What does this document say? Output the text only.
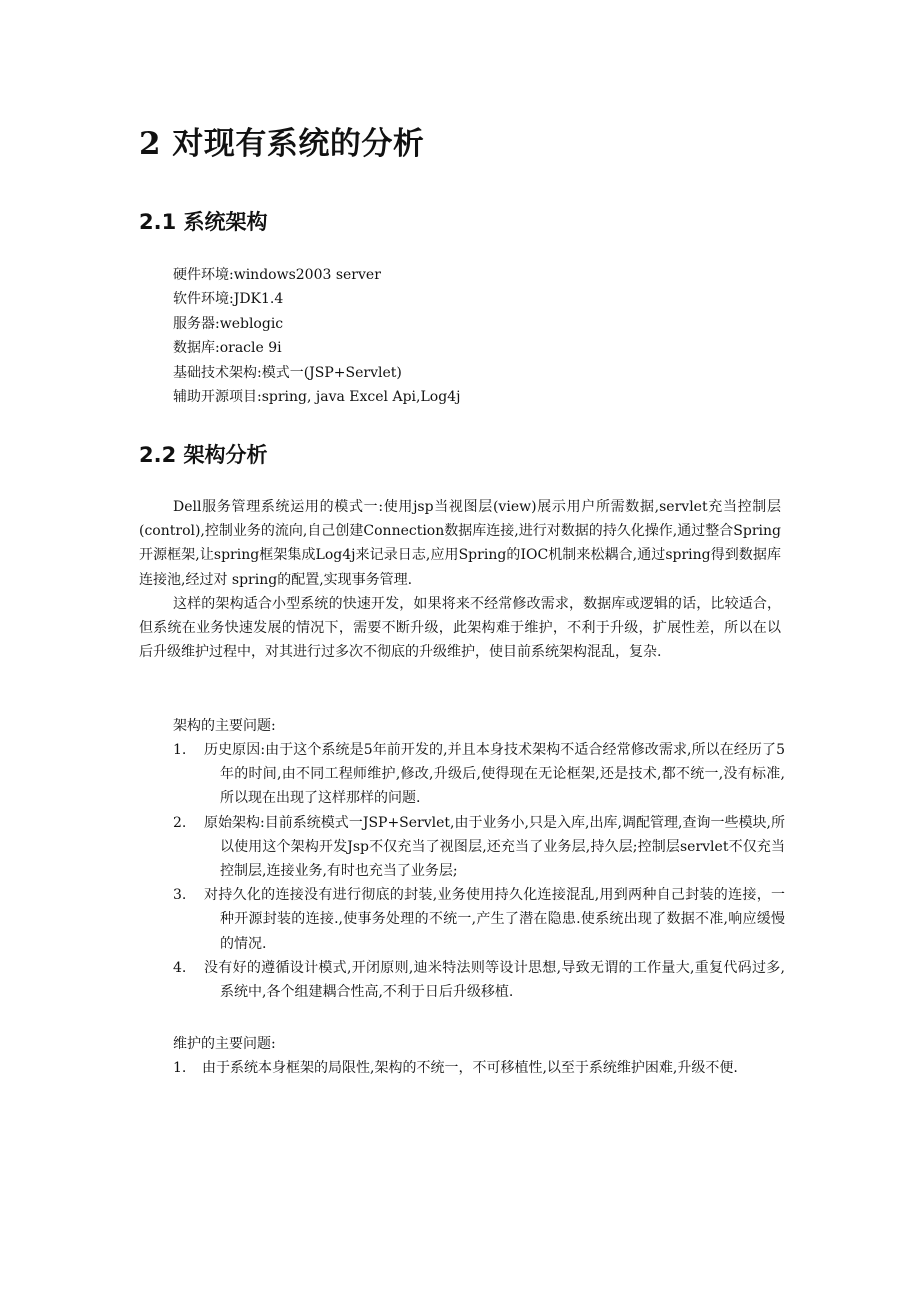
2 对现有系统的分析
2.1 系统架构
硬件环境:windows2003 server
软件环境:JDK1.4
服务器:weblogic
数据库:oracle 9i
基础技术架构:模式一(JSP+Servlet)
辅助开源项目:spring, java Excel Api,Log4j
2.2 架构分析
Dell服务管理系统运用的模式一:使用jsp当视图层(view)展示用户所需数据,servlet充当控制层(control),控制业务的流向,自己创建Connection数据库连接,进行对数据的持久化操作,通过整合Spring开源框架,让spring框架集成Log4j来记录日志,应用Spring的IOC机制来松耦合,通过spring得到数据库连接池,经过对 spring的配置,实现事务管理.
这样的架构适合小型系统的快速开发，如果将来不经常修改需求，数据库或逻辑的话，比较适合，但系统在业务快速发展的情况下，需要不断升级，此架构难于维护，不利于升级，扩展性差，所以在以后升级维护过程中，对其进行过多次不彻底的升级维护，使目前系统架构混乱，复杂.
架构的主要问题:
1.	历史原因:由于这个系统是5年前开发的,并且本身技术架构不适合经常修改需求,所以在经历了5年的时间,由不同工程师维护,修改,升级后,使得现在无论框架,还是技术,都不统一,没有标准,所以现在出现了这样那样的问题.
2.	原始架构:目前系统模式一JSP+Servlet,由于业务小,只是入库,出库,调配管理,查询一些模块,所以使用这个架构开发Jsp不仅充当了视图层,还充当了业务层,持久层;控制层servlet不仅充当控制层,连接业务,有时也充当了业务层;
3.	对持久化的连接没有进行彻底的封装,业务使用持久化连接混乱,用到两种自己封装的连接，一种开源封装的连接.,使事务处理的不统一,产生了潜在隐患.使系统出现了数据不准,响应缓慢的情况.
4.	没有好的遵循设计模式,开闭原则,迪米特法则等设计思想,导致无谓的工作量大,重复代码过多,系统中,各个组建耦合性高,不利于日后升级移植.
维护的主要问题:
1.	由于系统本身框架的局限性,架构的不统一，不可移植性,以至于系统维护困难,升级不便.
